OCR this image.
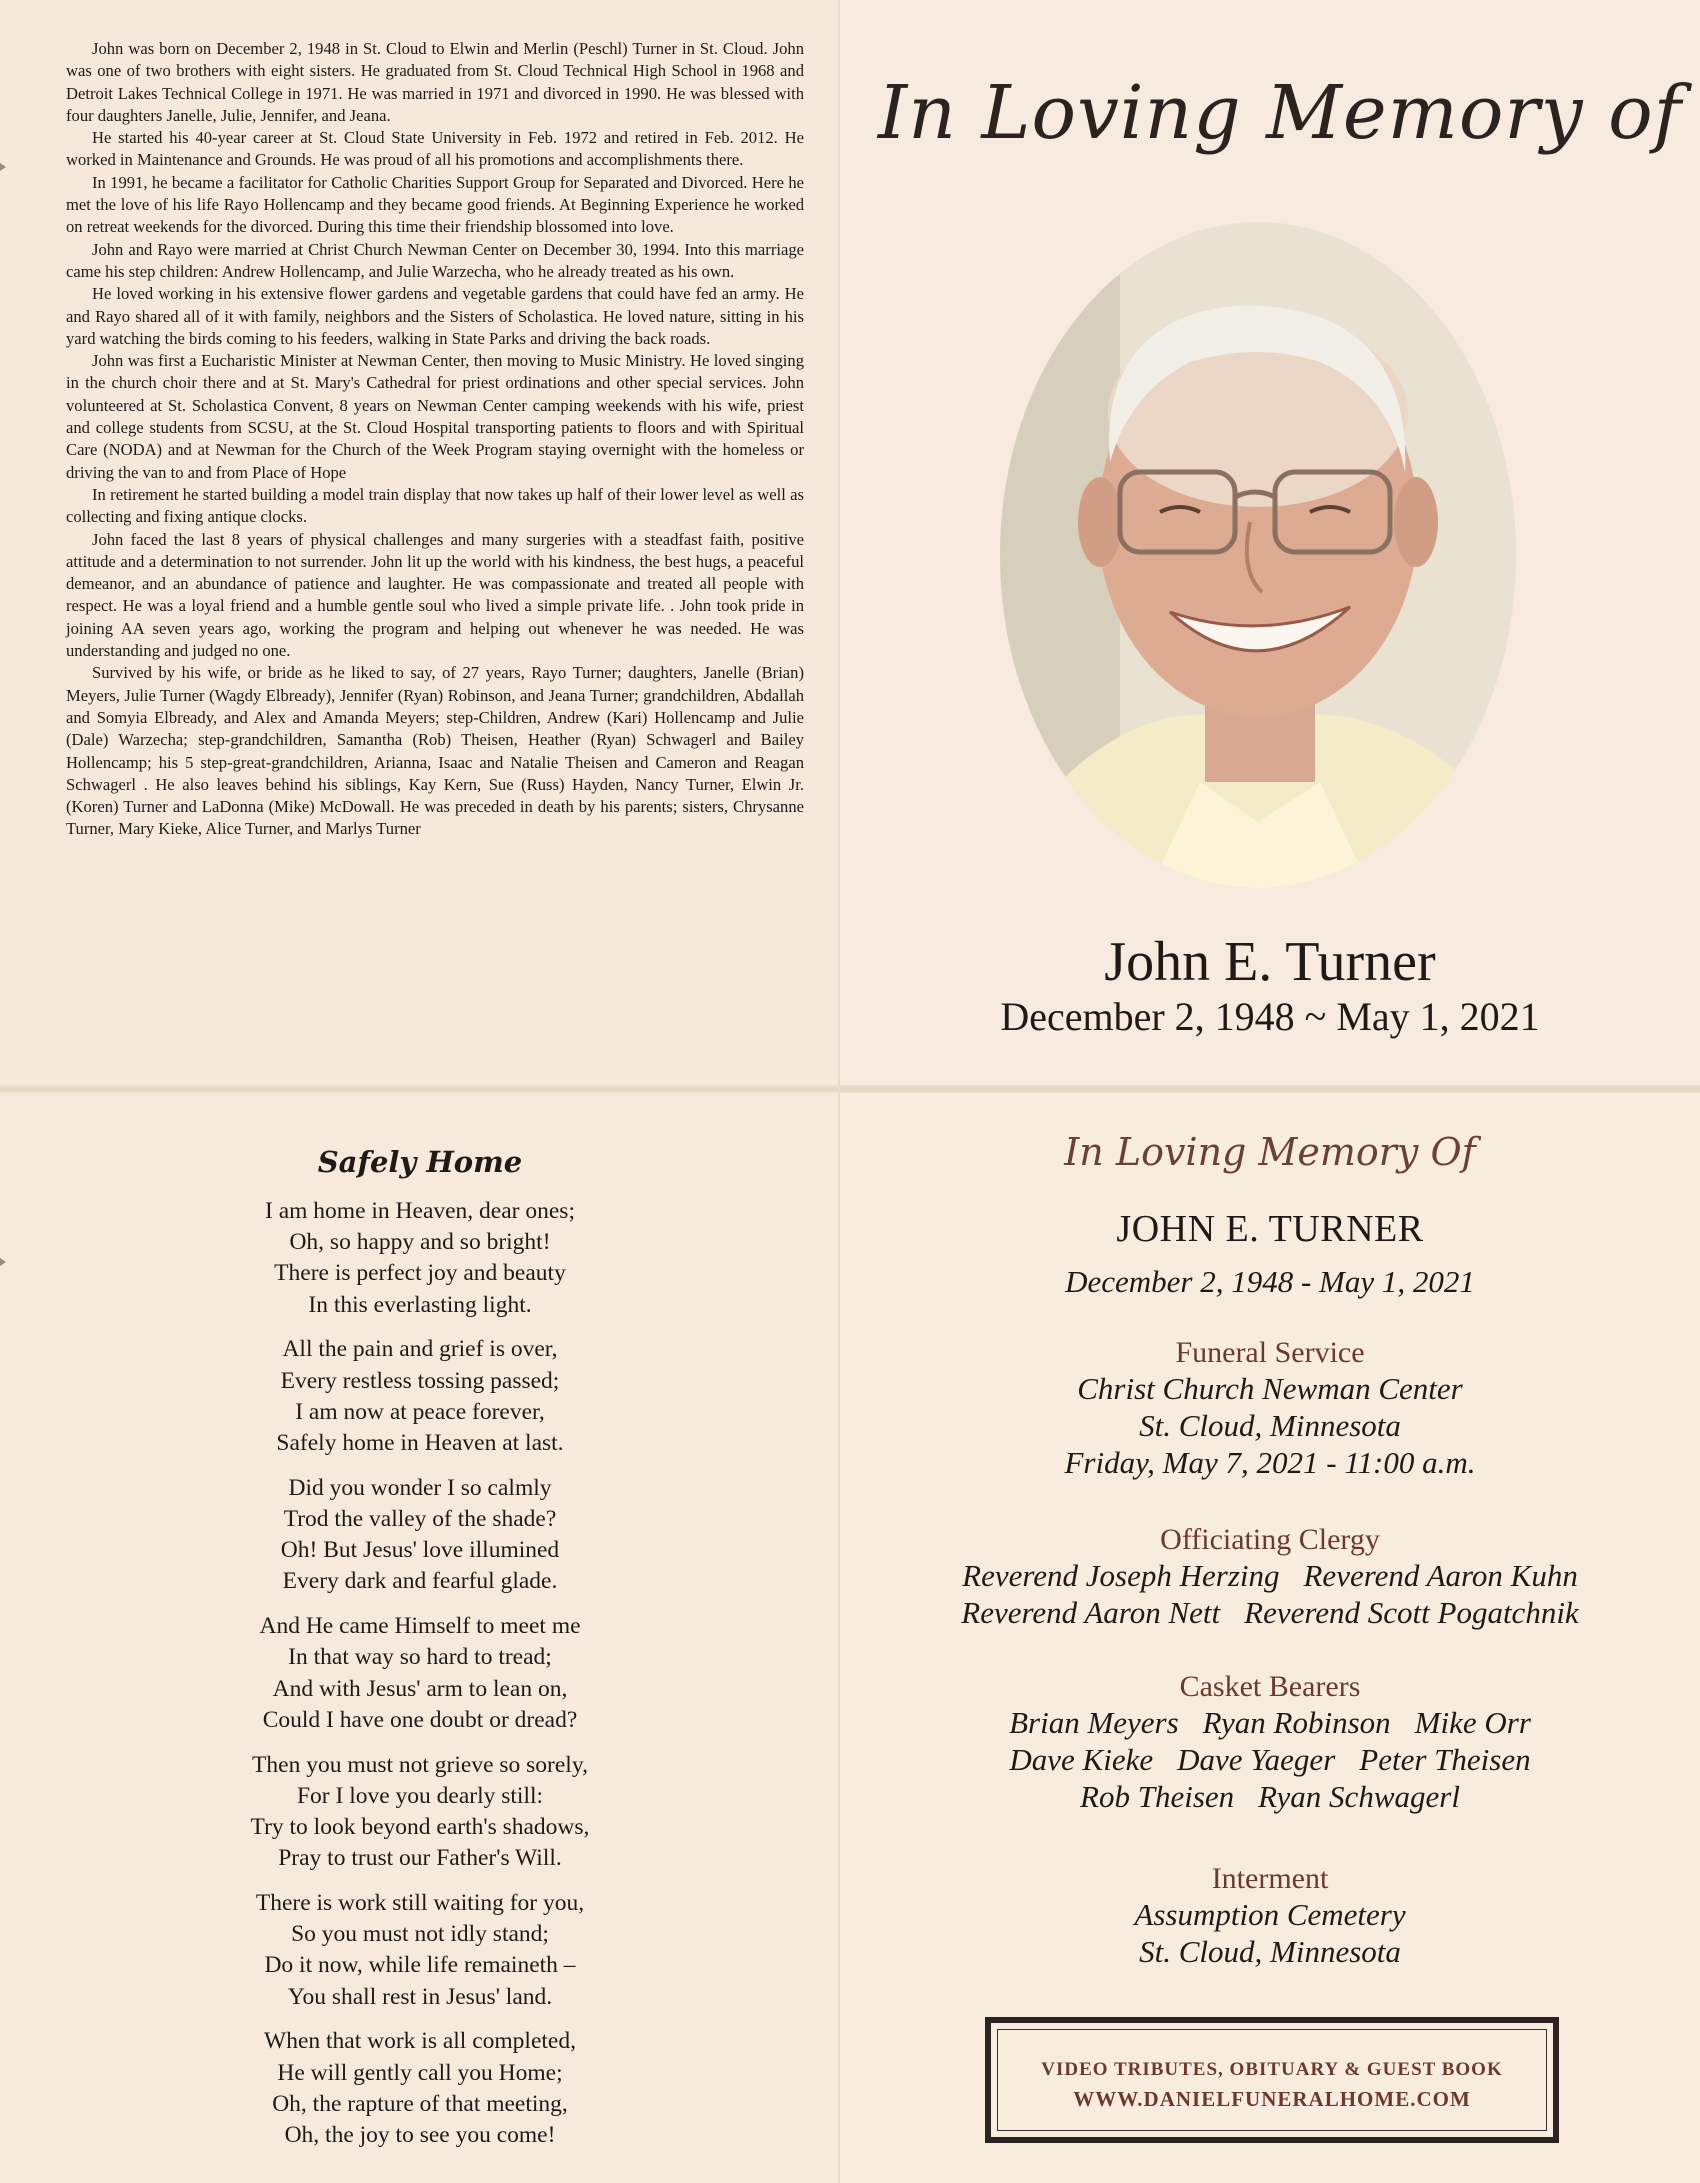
John was born on December 2, 1948 in St. Cloud to Elwin and Merlin (Peschl) Turner in St. Cloud. John was one of two brothers with eight sisters. He graduated from St. Cloud Technical High School in 1968 and Detroit Lakes Technical College in 1971. He was married in 1971 and divorced in 1990. He was blessed with four daughters Janelle, Julie, Jennifer, and Jeana.

He started his 40-year career at St. Cloud State University in Feb. 1972 and retired in Feb. 2012. He worked in Maintenance and Grounds. He was proud of all his promotions and accomplishments there.

In 1991, he became a facilitator for Catholic Charities Support Group for Separated and Divorced. Here he met the love of his life Rayo Hollencamp and they became good friends. At Beginning Experience he worked on retreat weekends for the divorced. During this time their friendship blossomed into love.

John and Rayo were married at Christ Church Newman Center on December 30, 1994. Into this marriage came his step children: Andrew Hollencamp, and Julie Warzecha, who he already treated as his own.

He loved working in his extensive flower gardens and vegetable gardens that could have fed an army. He and Rayo shared all of it with family, neighbors and the Sisters of Scholastica. He loved nature, sitting in his yard watching the birds coming to his feeders, walking in State Parks and driving the back roads.

John was first a Eucharistic Minister at Newman Center, then moving to Music Ministry. He loved singing in the church choir there and at St. Mary's Cathedral for priest ordinations and other special services. John volunteered at St. Scholastica Convent, 8 years on Newman Center camping weekends with his wife, priest and college students from SCSU, at the St. Cloud Hospital transporting patients to floors and with Spiritual Care (NODA) and at Newman for the Church of the Week Program staying overnight with the homeless or driving the van to and from Place of Hope

In retirement he started building a model train display that now takes up half of their lower level as well as collecting and fixing antique clocks.

John faced the last 8 years of physical challenges and many surgeries with a steadfast faith, positive attitude and a determination to not surrender. John lit up the world with his kindness, the best hugs, a peaceful demeanor, and an abundance of patience and laughter. He was compassionate and treated all people with respect. He was a loyal friend and a humble gentle soul who lived a simple private life. . John took pride in joining AA seven years ago, working the program and helping out whenever he was needed. He was understanding and judged no one.

Survived by his wife, or bride as he liked to say, of 27 years, Rayo Turner; daughters, Janelle (Brian) Meyers, Julie Turner (Wagdy Elbready), Jennifer (Ryan) Robinson, and Jeana Turner; grandchildren, Abdallah and Somyia Elbready, and Alex and Amanda Meyers; step-Children, Andrew (Kari) Hollencamp and Julie (Dale) Warzecha; step-grandchildren, Samantha (Rob) Theisen, Heather (Ryan) Schwagerl and Bailey Hollencamp; his 5 step-great-grandchildren, Arianna, Isaac and Natalie Theisen and Cameron and Reagan Schwagerl . He also leaves behind his siblings, Kay Kern, Sue (Russ) Hayden, Nancy Turner, Elwin Jr. (Koren) Turner and LaDonna (Mike) McDowall. He was preceded in death by his parents; sisters, Chrysanne Turner, Mary Kieke, Alice Turner, and Marlys Turner

In Loving Memory of
John E. Turner
December 2, 1948 ~ May 1, 2021
Safely Home
I am home in Heaven, dear ones;
Oh, so happy and so bright!
There is perfect joy and beauty
In this everlasting light.
All the pain and grief is over,
Every restless tossing passed;
I am now at peace forever,
Safely home in Heaven at last.
Did you wonder I so calmly
Trod the valley of the shade?
Oh! But Jesus' love illumined
Every dark and fearful glade.
And He came Himself to meet me
In that way so hard to tread;
And with Jesus' arm to lean on,
Could I have one doubt or dread?
Then you must not grieve so sorely,
For I love you dearly still:
Try to look beyond earth's shadows,
Pray to trust our Father's Will.
There is work still waiting for you,
So you must not idly stand;
Do it now, while life remaineth –
You shall rest in Jesus' land.
When that work is all completed,
He will gently call you Home;
Oh, the rapture of that meeting,
Oh, the joy to see you come!
In Loving Memory Of
JOHN E. TURNER
December 2, 1948 - May 1, 2021
Funeral Service
Christ Church Newman Center
St. Cloud, Minnesota
Friday, May 7, 2021 - 11:00 a.m.
Officiating Clergy
Reverend Joseph Herzing Reverend Aaron Kuhn
Reverend Aaron Nett Reverend Scott Pogatchnik
Casket Bearers
Brian Meyers Ryan Robinson Mike Orr
Dave Kieke Dave Yaeger Peter Theisen
Rob Theisen Ryan Schwagerl
Interment
Assumption Cemetery
St. Cloud, Minnesota
VIDEO TRIBUTES, OBITUARY & GUEST BOOK
WWW.DANIELFUNERALHOME.COM
